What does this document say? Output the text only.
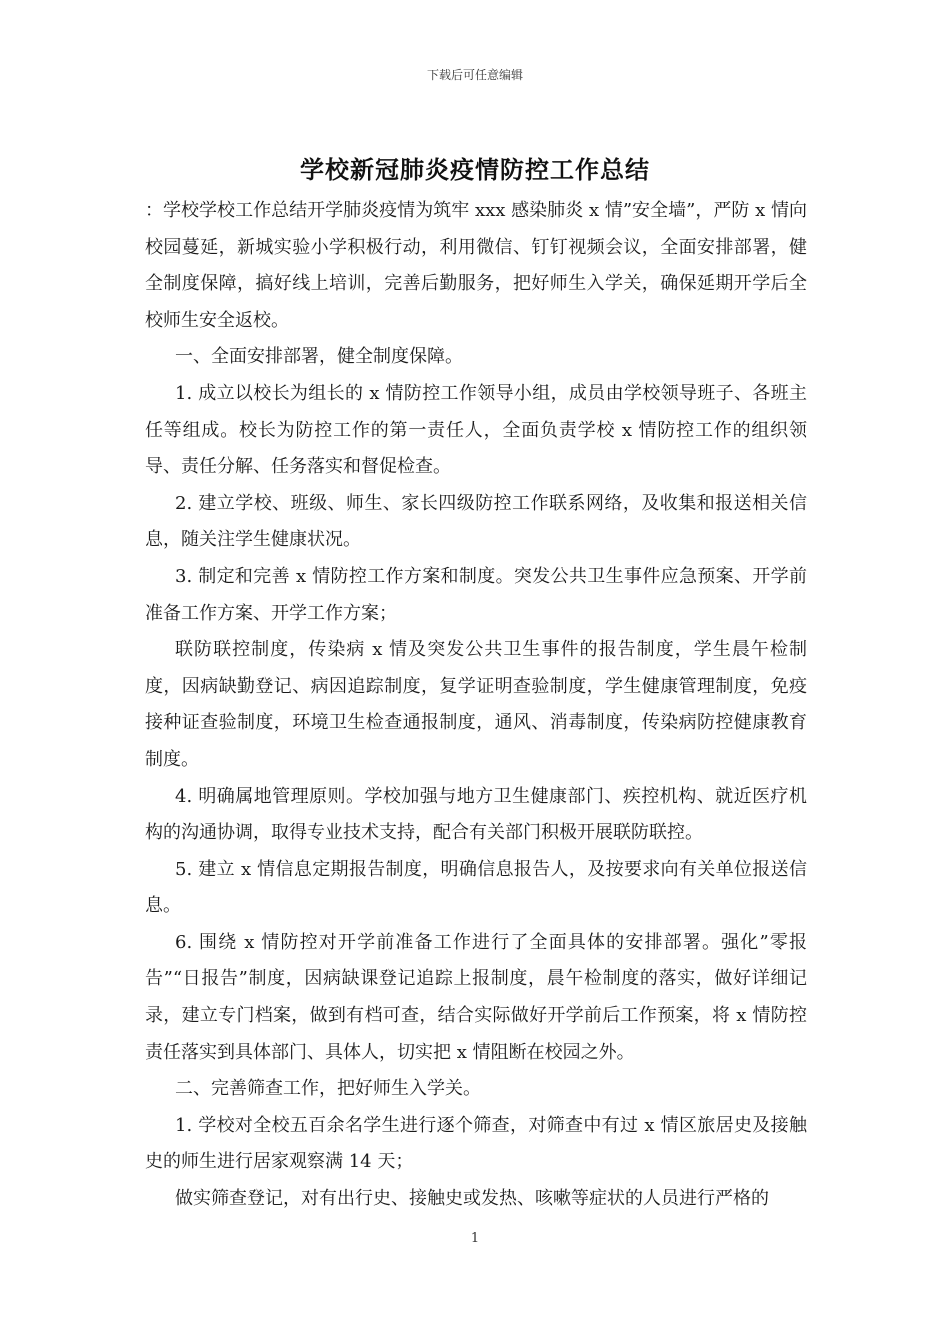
下载后可任意编辑
学校新冠肺炎疫情防控工作总结

：学校学校工作总结开学肺炎疫情为筑牢 xxx 感染肺炎 x 情”安全墙”，严防 x 情向校园蔓延，新城实验小学积极行动，利用微信、钉钉视频会议，全面安排部署，健全制度保障，搞好线上培训，完善后勤服务，把好师生入学关，确保延期开学后全校师生安全返校。

一、全面安排部署，健全制度保障。

1. 成立以校长为组长的 x 情防控工作领导小组，成员由学校领导班子、各班主任等组成。校长为防控工作的第一责任人，全面负责学校 x 情防控工作的组织领导、责任分解、任务落实和督促检查。

2. 建立学校、班级、师生、家长四级防控工作联系网络，及收集和报送相关信息，随关注学生健康状况。

3. 制定和完善 x 情防控工作方案和制度。突发公共卫生事件应急预案、开学前准备工作方案、开学工作方案；

联防联控制度，传染病 x 情及突发公共卫生事件的报告制度，学生晨午检制度，因病缺勤登记、病因追踪制度，复学证明查验制度，学生健康管理制度，免疫接种证查验制度，环境卫生检查通报制度，通风、消毒制度，传染病防控健康教育制度。

4. 明确属地管理原则。学校加强与地方卫生健康部门、疾控机构、就近医疗机构的沟通协调，取得专业技术支持，配合有关部门积极开展联防联控。

5. 建立 x 情信息定期报告制度，明确信息报告人，及按要求向有关单位报送信息。

6. 围绕 x 情防控对开学前准备工作进行了全面具体的安排部署。强化”零报告”“日报告”制度，因病缺课登记追踪上报制度，晨午检制度的落实，做好详细记录，建立专门档案，做到有档可查，结合实际做好开学前后工作预案，将 x 情防控责任落实到具体部门、具体人，切实把 x 情阻断在校园之外。

二、完善筛查工作，把好师生入学关。

1. 学校对全校五百余名学生进行逐个筛查，对筛查中有过 x 情区旅居史及接触史的师生进行居家观察满 14 天；

做实筛查登记，对有出行史、接触史或发热、咳嗽等症状的人员进行严格的

1
